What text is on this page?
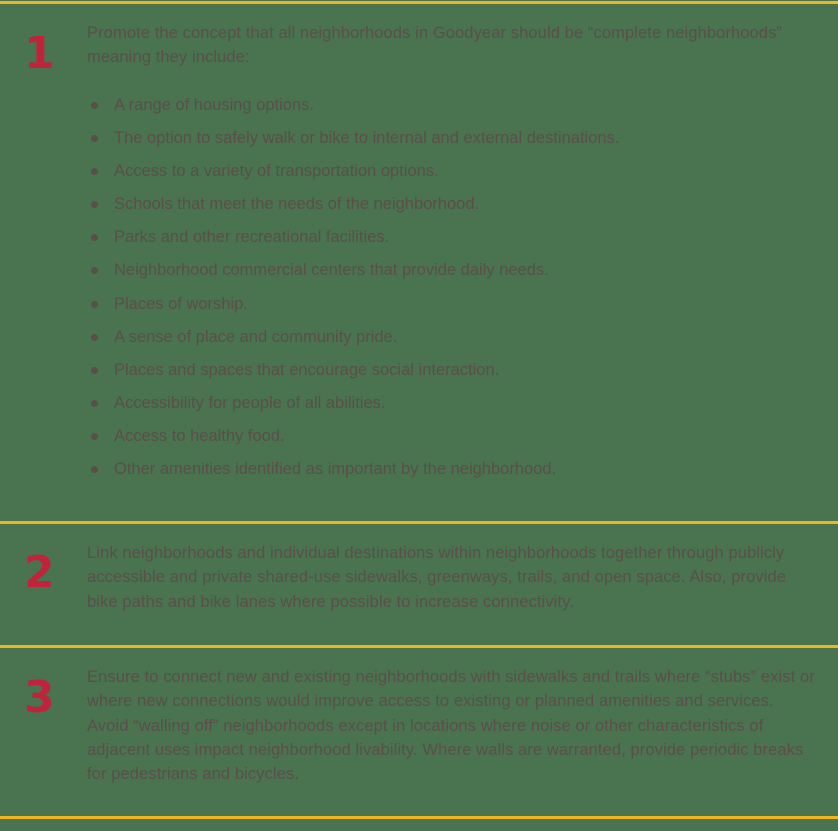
1 Promote the concept that all neighborhoods in Goodyear should be “complete neighborhoods” meaning they include:
A range of housing options.
The option to safely walk or bike to internal and external destinations.
Access to a variety of transportation options.
Schools that meet the needs of the neighborhood.
Parks and other recreational facilities.
Neighborhood commercial centers that provide daily needs.
Places of worship.
A sense of place and community pride.
Places and spaces that encourage social interaction.
Accessibility for people of all abilities.
Access to healthy food.
Other amenities identified as important by the neighborhood.
2 Link neighborhoods and individual destinations within neighborhoods together through publicly accessible and private shared-use sidewalks, greenways, trails, and open space. Also, provide bike paths and bike lanes where possible to increase connectivity.
3 Ensure to connect new and existing neighborhoods with sidewalks and trails where “stubs” exist or where new connections would improve access to existing or planned amenities and services. Avoid “walling off” neighborhoods except in locations where noise or other characteristics of adjacent uses impact neighborhood livability. Where walls are warranted, provide periodic breaks for pedestrians and bicycles.
